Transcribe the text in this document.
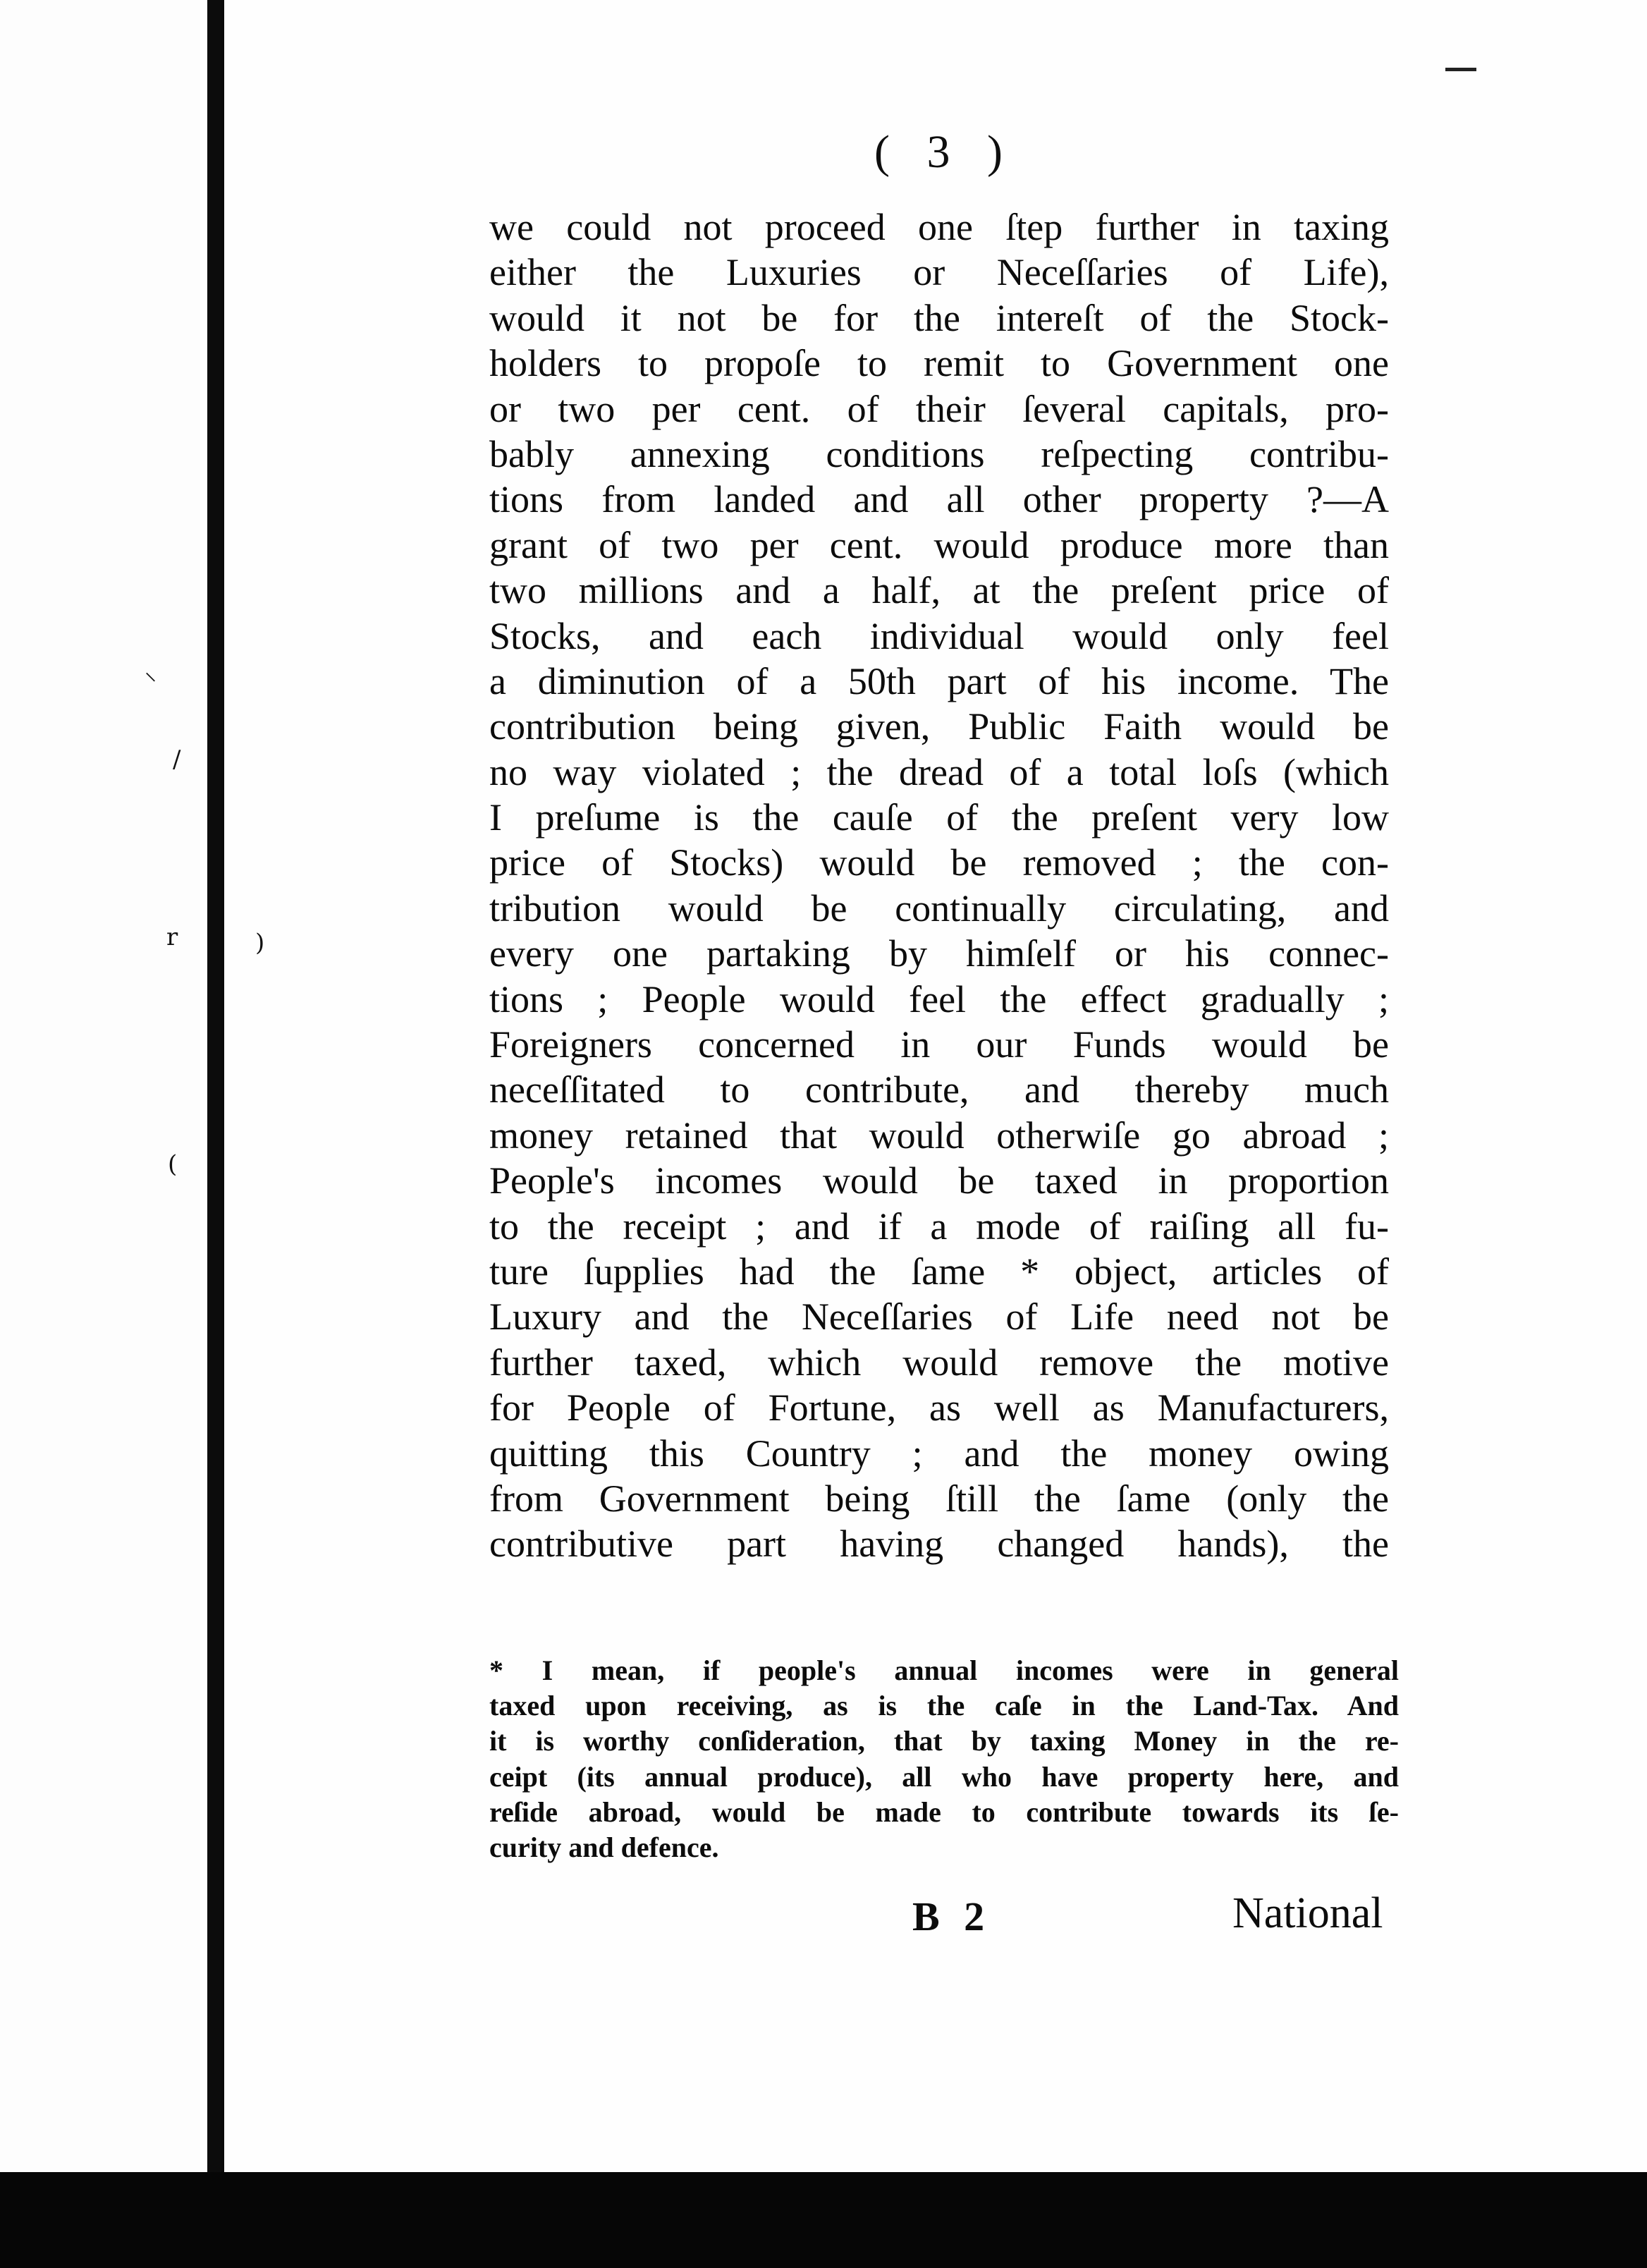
⸌
/
r
(
)
( 3 )
we could not proceed one ſtep further in taxing
either the Luxuries or Neceſſaries of Life),
would it not be for the intereſt of the Stock-
holders to propoſe to remit to Government one
or two per cent. of their ſeveral capitals, pro-
bably annexing conditions reſpecting contribu-
tions from landed and all other property ?—A
grant of two per cent. would produce more than
two millions and a half, at the preſent price of
Stocks, and each individual would only feel
a diminution of a 50th part of his income. The
contribution being given, Public Faith would be
no way violated ; the dread of a total loſs (which
I preſume is the cauſe of the preſent very low
price of Stocks) would be removed ; the con-
tribution would be continually circulating, and
every one partaking by himſelf or his connec-
tions ; People would feel the effect gradually ;
Foreigners concerned in our Funds would be
neceſſitated to contribute, and thereby much
money retained that would otherwiſe go abroad ;
People's incomes would be taxed in proportion
to the receipt ; and if a mode of raiſing all fu-
ture ſupplies had the ſame * object, articles of
Luxury and the Neceſſaries of Life need not be
further taxed, which would remove the motive
for People of Fortune, as well as Manufacturers,
quitting this Country ; and the money owing
from Government being ſtill the ſame (only the
contributive part having changed hands), the
* I mean, if people's annual incomes were in general
taxed upon receiving, as is the caſe in the Land-Tax. And
it is worthy conſideration, that by taxing Money in the re-
ceipt (its annual produce), all who have property here, and
reſide abroad, would be made to contribute towards its ſe-
curity and defence.
B 2	National
